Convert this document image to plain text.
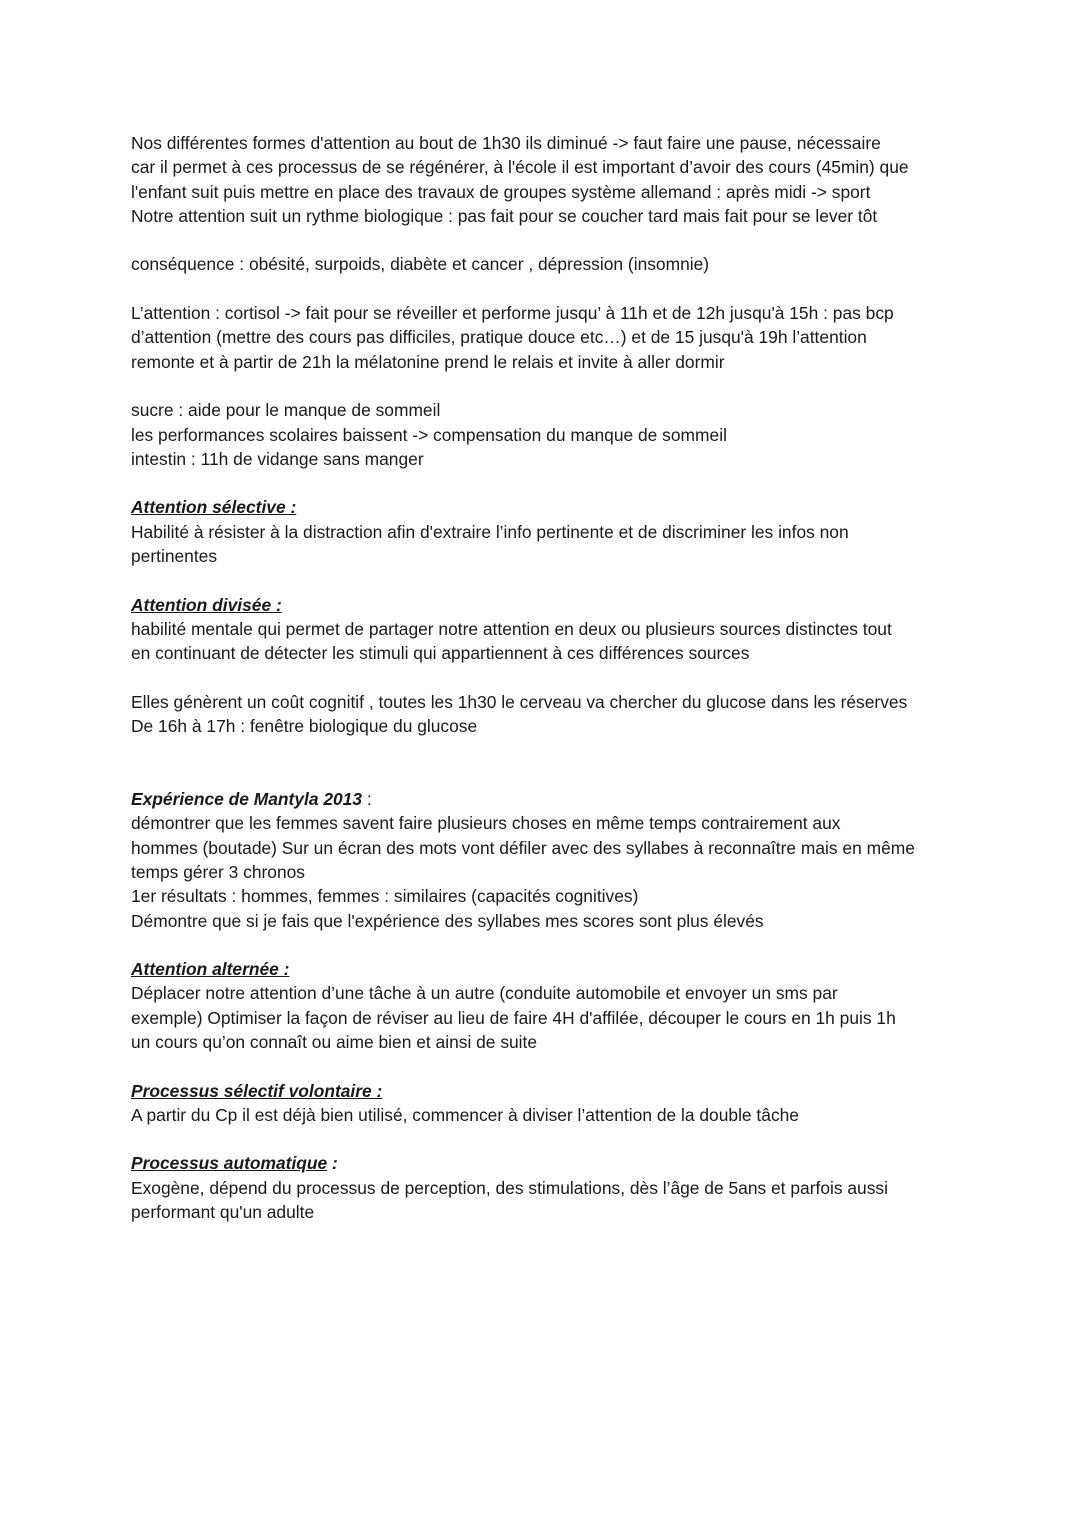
Nos différentes formes d'attention au bout de 1h30 ils diminué -> faut faire une pause, nécessaire
car il permet à ces processus de se régénérer, à l'école il est important d’avoir des cours (45min) que
l'enfant suit puis mettre en place des travaux de groupes système allemand : après midi -> sport
Notre attention suit un rythme biologique : pas fait pour se coucher tard mais fait pour se lever tôt
conséquence : obésité, surpoids, diabète et cancer , dépression (insomnie)
L’attention : cortisol -> fait pour se réveiller et performe jusqu’ à 11h et de 12h jusqu'à 15h : pas bcp
d’attention (mettre des cours pas difficiles, pratique douce etc…) et de 15 jusqu'à 19h l’attention
remonte et à partir de 21h la mélatonine prend le relais et invite à aller dormir
sucre : aide pour le manque de sommeil
les performances scolaires baissent -> compensation du manque de sommeil
intestin : 11h de vidange sans manger
Attention sélective :
Habilité à résister à la distraction afin d'extraire l’info pertinente et de discriminer les infos non
pertinentes
Attention divisée :
habilité mentale qui permet de partager notre attention en deux ou plusieurs sources distinctes tout
en continuant de détecter les stimuli qui appartiennent à ces différences sources
Elles génèrent un coût cognitif , toutes les 1h30 le cerveau va chercher du glucose dans les réserves
De 16h à 17h : fenêtre biologique du glucose
Expérience de Mantyla 2013 :
démontrer que les femmes savent faire plusieurs choses en même temps contrairement aux
hommes (boutade) Sur un écran des mots vont défiler avec des syllabes à reconnaître mais en même
temps gérer 3 chronos
1er résultats : hommes, femmes : similaires (capacités cognitives)
Démontre que si je fais que l'expérience des syllabes mes scores sont plus élevés
Attention alternée :
Déplacer notre attention d’une tâche à un autre (conduite automobile et envoyer un sms par
exemple) Optimiser la façon de réviser au lieu de faire 4H d'affilée, découper le cours en 1h puis 1h
un cours qu’on connaît ou aime bien et ainsi de suite
Processus sélectif volontaire :
A partir du Cp il est déjà bien utilisé, commencer à diviser l’attention de la double tâche
Processus automatique :
Exogène, dépend du processus de perception, des stimulations, dès l’âge de 5ans et parfois aussi
performant qu'un adulte
